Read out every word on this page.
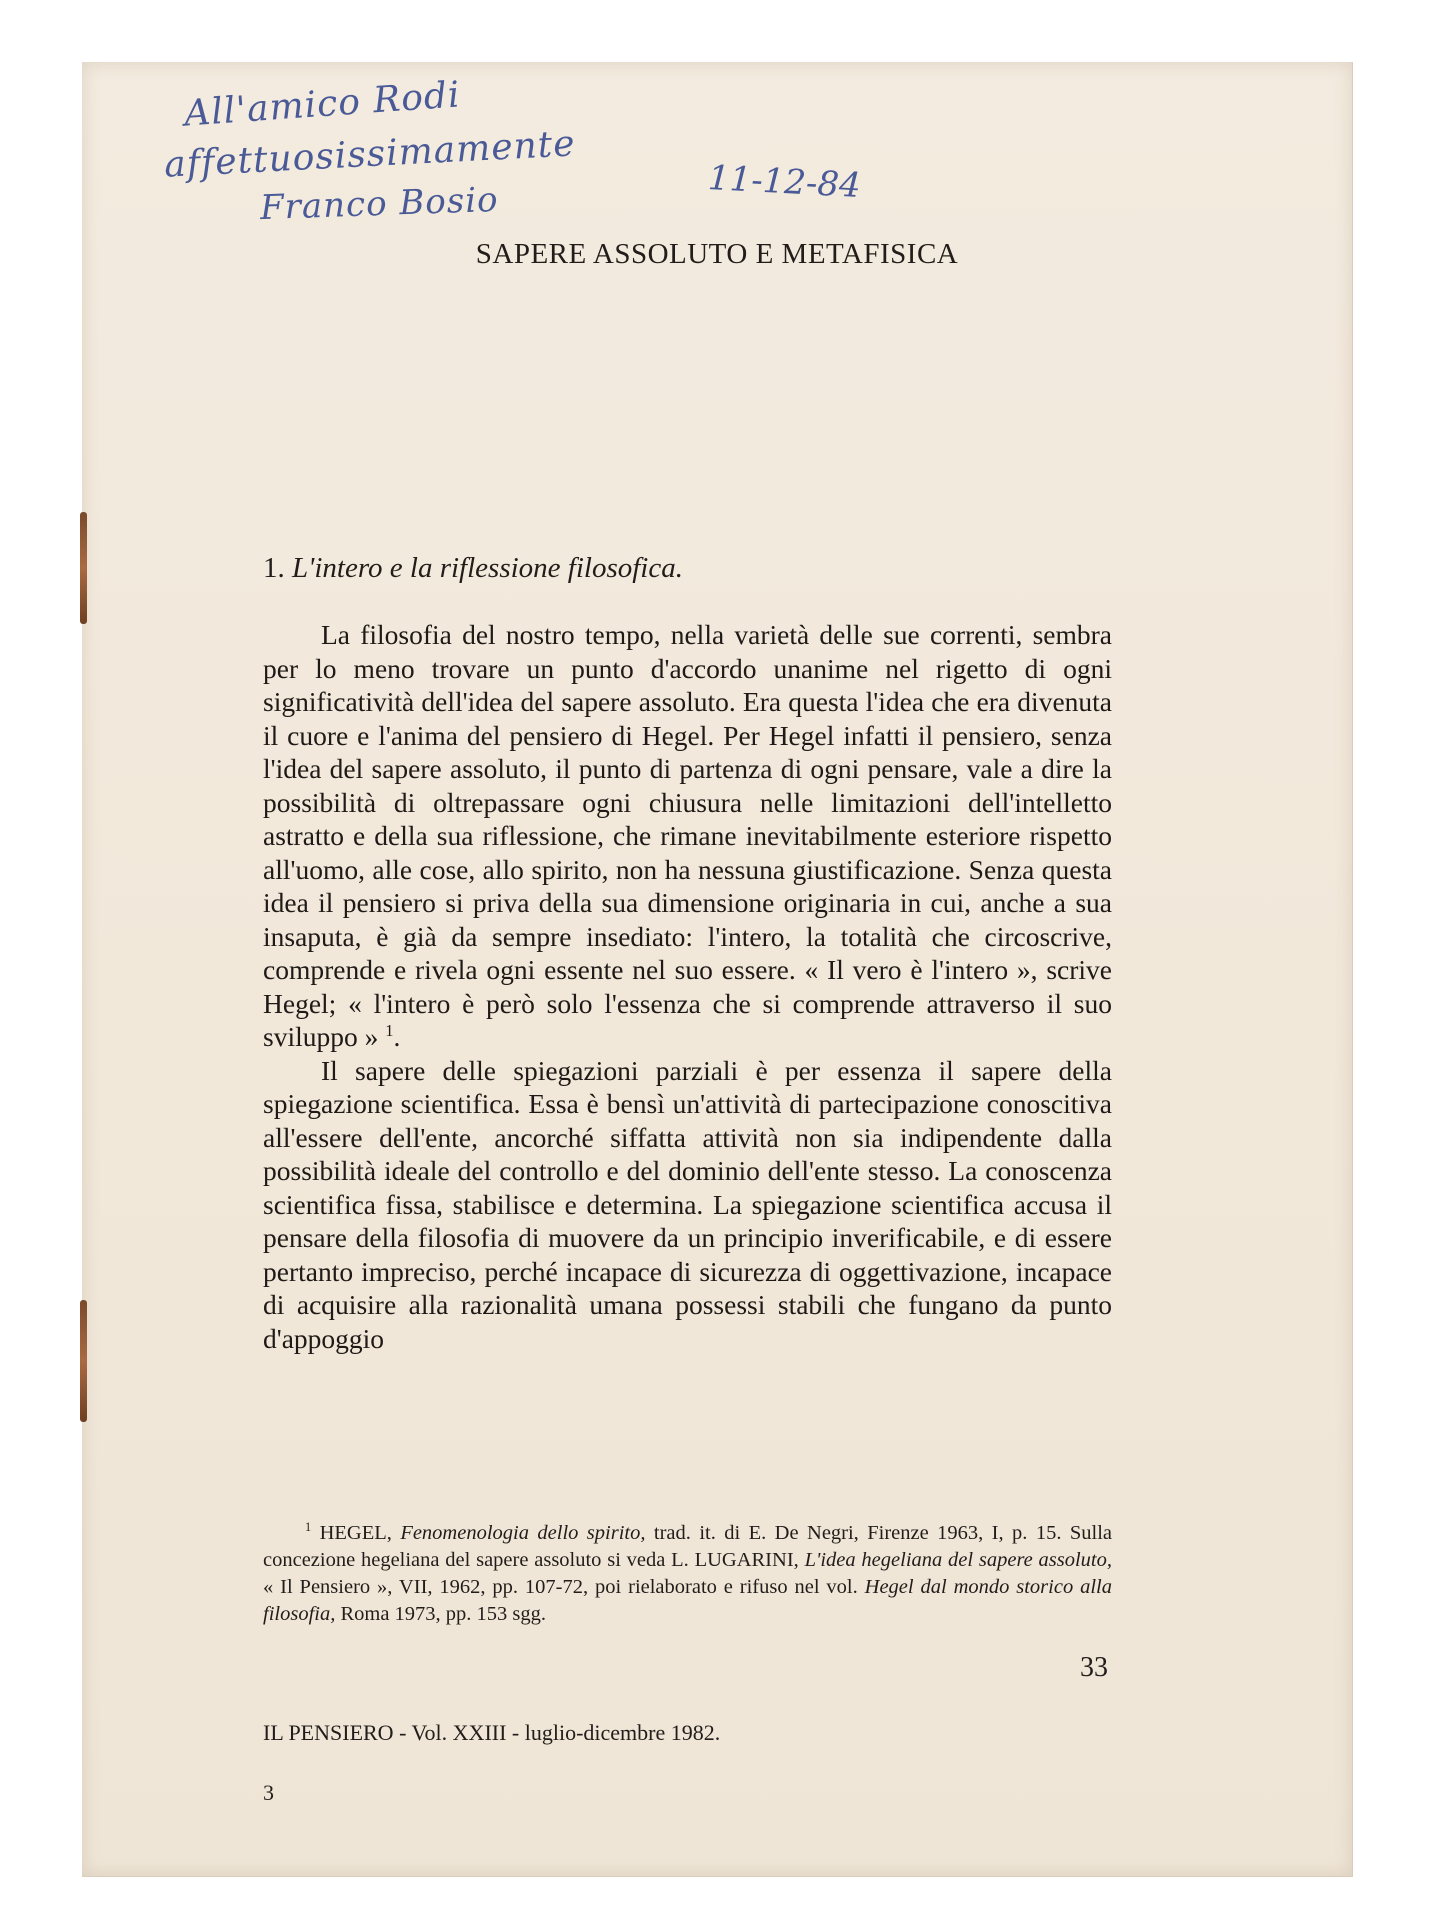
All'amico Rodi
affettuosissimamente
Franco Bosio	11-12-84
SAPERE ASSOLUTO E METAFISICA
1. L'intero e la riflessione filosofica.

La filosofia del nostro tempo, nella varietà delle sue correnti, sembra per lo meno trovare un punto d'accordo unanime nel rigetto di ogni significatività dell'idea del sapere assoluto. Era questa l'idea che era divenuta il cuore e l'anima del pensiero di Hegel. Per Hegel infatti il pensiero, senza l'idea del sapere assoluto, il punto di partenza di ogni pensare, vale a dire la possibilità di oltrepassare ogni chiusura nelle limitazioni dell'intelletto astratto e della sua riflessione, che rimane inevitabilmente esteriore rispetto all'uomo, alle cose, allo spirito, non ha nessuna giustificazione. Senza questa idea il pensiero si priva della sua dimensione originaria in cui, anche a sua insaputa, è già da sempre insediato: l'intero, la totalità che circoscrive, comprende e rivela ogni essente nel suo essere. « Il vero è l'intero », scrive Hegel; « l'intero è però solo l'essenza che si comprende attraverso il suo sviluppo » $^1$.

Il sapere delle spiegazioni parziali è per essenza il sapere della spiegazione scientifica. Essa è bensì un'attività di partecipazione conoscitiva all'essere dell'ente, ancorché siffatta attività non sia indipendente dalla possibilità ideale del controllo e del dominio dell'ente stesso. La conoscenza scientifica fissa, stabilisce e determina. La spiegazione scientifica accusa il pensare della filosofia di muovere da un principio inverificabile, e di essere pertanto impreciso, perché incapace di sicurezza di oggettivazione, incapace di acquisire alla razionalità umana possessi stabili che fungano da punto d'appoggio

$^1$ HEGEL, Fenomenologia dello spirito, trad. it. di E. De Negri, Firenze 1963, I, p. 15. Sulla concezione hegeliana del sapere assoluto si veda L. LUGARINI, L'idea hegeliana del sapere assoluto, « Il Pensiero », VII, 1962, pp. 107-72, poi rielaborato e rifuso nel vol. Hegel dal mondo storico alla filosofia, Roma 1973, pp. 153 sgg.

33
IL PENSIERO - Vol. XXIII - luglio-dicembre 1982.
3
